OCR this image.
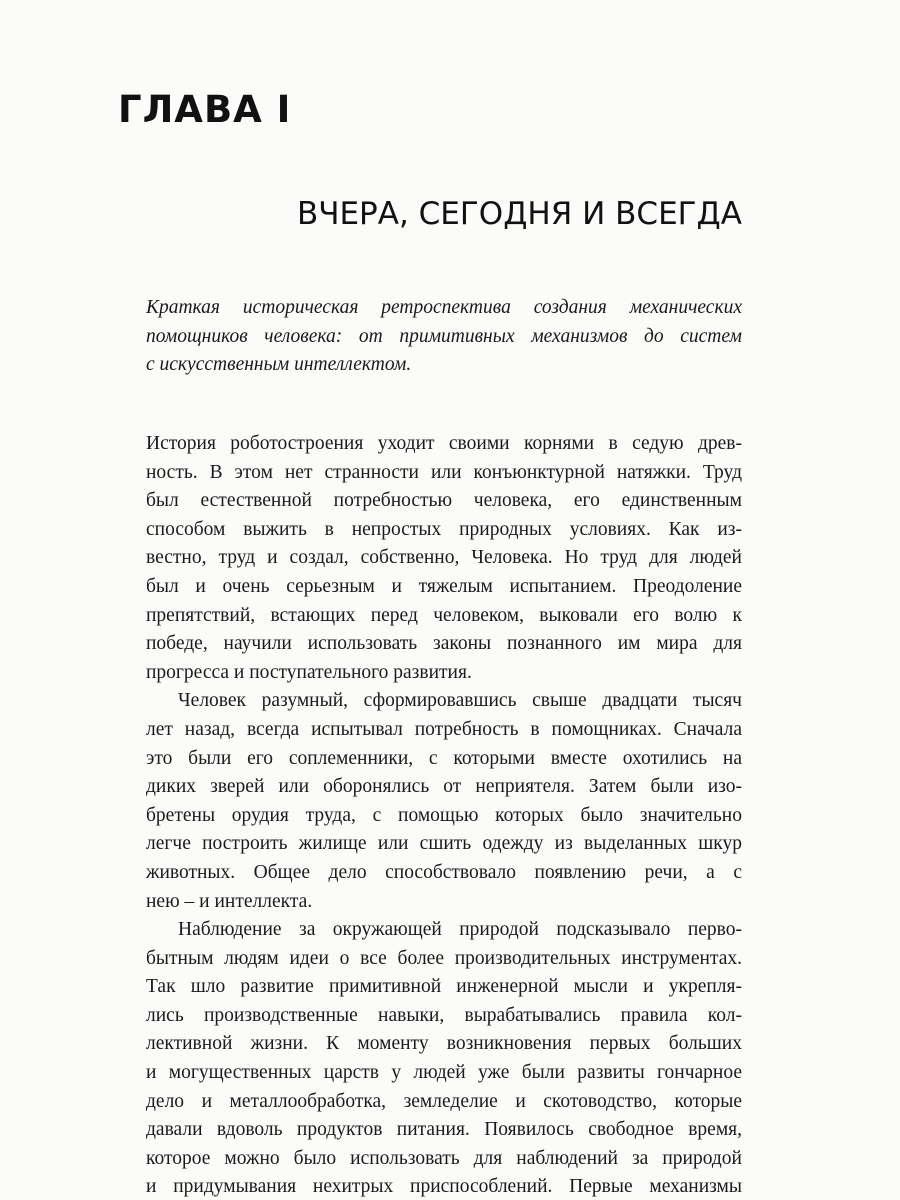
ГЛАВА I
ВЧЕРА, СЕГОДНЯ И ВСЕГДА
Краткая историческая ретроспектива создания механических
помощников человека: от примитивных механизмов до систем
с искусственным интеллектом.
История роботостроения уходит своими корнями в седую древ-
ность. В этом нет странности или конъюнктурной натяжки. Труд
был естественной потребностью человека, его единственным
способом выжить в непростых природных условиях. Как из-
вестно, труд и создал, собственно, Человека. Но труд для людей
был и очень серьезным и тяжелым испытанием. Преодоление
препятствий, встающих перед человеком, выковали его волю к
победе, научили использовать законы познанного им мира для
прогресса и поступательного развития.
Человек разумный, сформировавшись свыше двадцати тысяч
лет назад, всегда испытывал потребность в помощниках. Сначала
это были его соплеменники, с которыми вместе охотились на
диких зверей или оборонялись от неприятеля. Затем были изо-
бретены орудия труда, с помощью которых было значительно
легче построить жилище или сшить одежду из выделанных шкур
животных. Общее дело способствовало появлению речи, а с
нею – и интеллекта.
Наблюдение за окружающей природой подсказывало перво-
бытным людям идеи о все более производительных инструментах.
Так шло развитие примитивной инженерной мысли и укрепля-
лись производственные навыки, вырабатывались правила кол-
лективной жизни. К моменту возникновения первых больших
и могущественных царств у людей уже были развиты гончарное
дело и металлообработка, земледелие и скотоводство, которые
давали вдоволь продуктов питания. Появилось свободное время,
которое можно было использовать для наблюдений за природой
и придумывания нехитрых приспособлений. Первые механизмы
